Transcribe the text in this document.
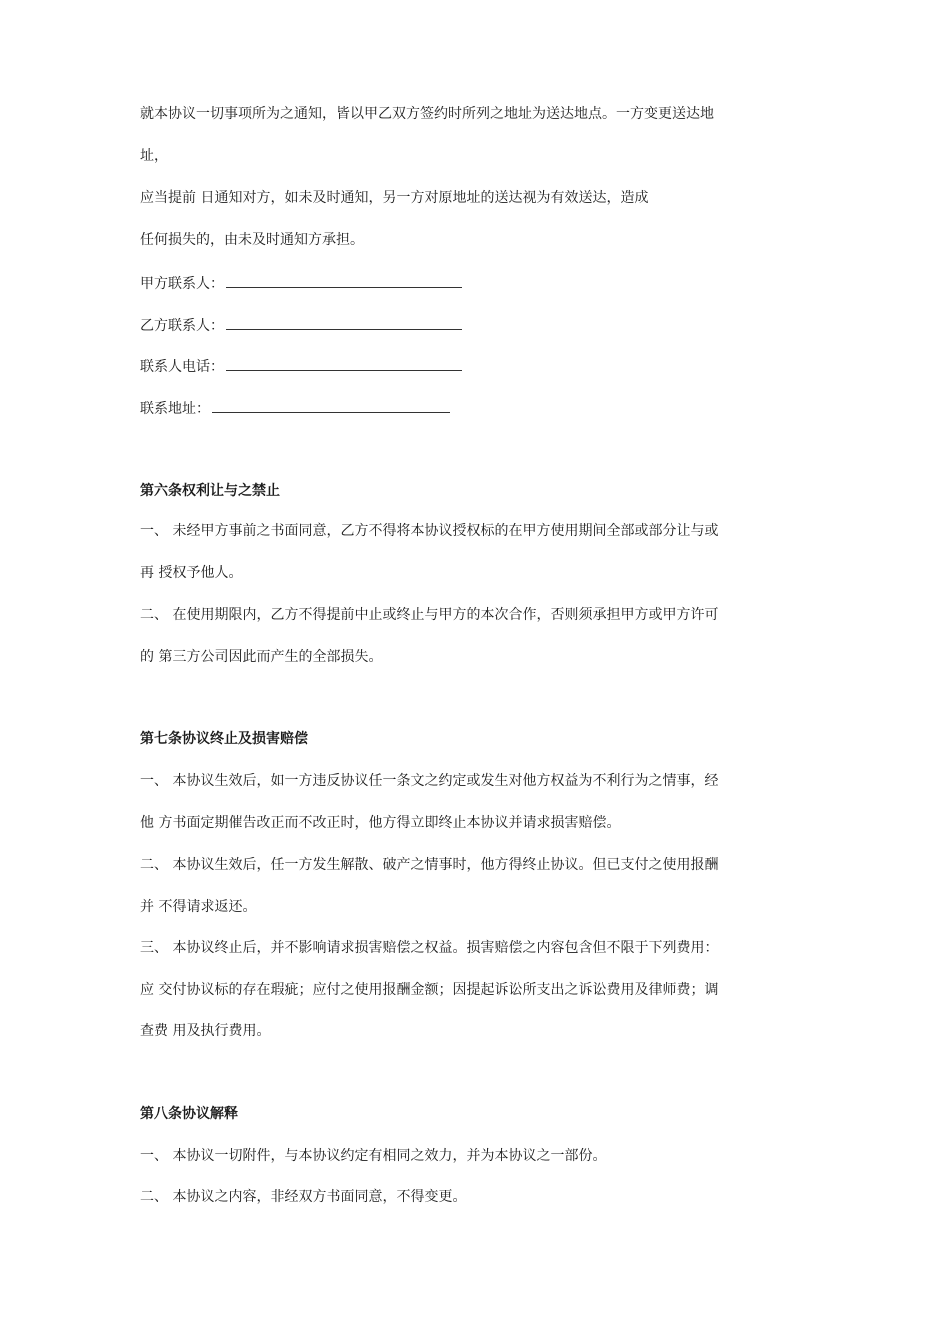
就本协议一切事项所为之通知，皆以甲乙双方签约时所列之地址为送达地点。一方变更送达地
址，
应当提前 日通知对方，如未及时通知，另一方对原地址的送达视为有效送达，造成
任何损失的，由未及时通知方承担。
甲方联系人：
乙方联系人：
联系人电话：
联系地址：
第六条权利让与之禁止
一、 未经甲方事前之书面同意，乙方不得将本协议授权标的在甲方使用期间全部或部分让与或
再 授权予他人。
二、 在使用期限内，乙方不得提前中止或终止与甲方的本次合作，否则须承担甲方或甲方许可
的 第三方公司因此而产生的全部损失。
第七条协议终止及损害赔偿
一、 本协议生效后，如一方违反协议任一条文之约定或发生对他方权益为不利行为之情事，经
他 方书面定期催告改正而不改正时，他方得立即终止本协议并请求损害赔偿。
二、 本协议生效后，任一方发生解散、破产之情事时，他方得终止协议。但已支付之使用报酬
并 不得请求返还。
三、 本协议终止后，并不影响请求损害赔偿之权益。损害赔偿之内容包含但不限于下列费用：
应 交付协议标的存在瑕疵；应付之使用报酬金额；因提起诉讼所支出之诉讼费用及律师费；调
查费 用及执行费用。
第八条协议解释
一、 本协议一切附件，与本协议约定有相同之效力，并为本协议之一部份。
二、 本协议之内容，非经双方书面同意，不得变更。
